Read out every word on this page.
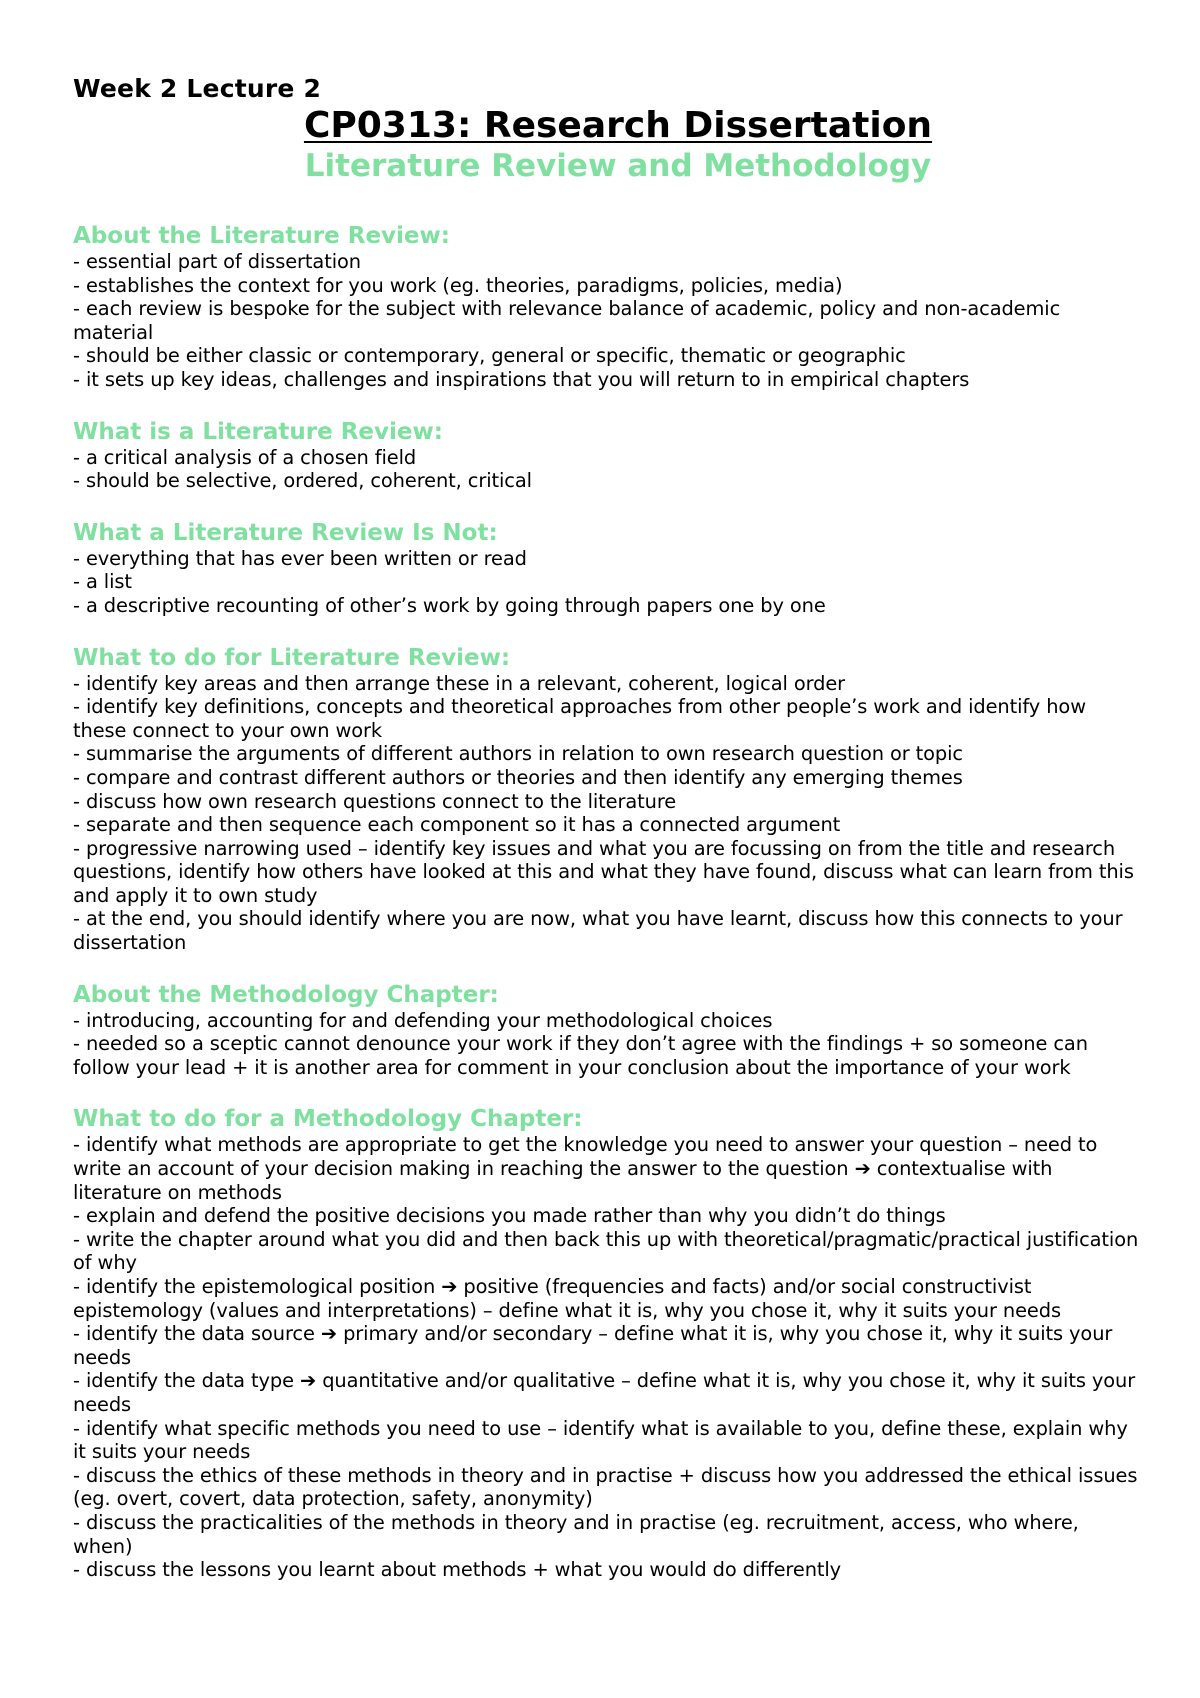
Week 2 Lecture 2

CP0313: Research Dissertation

Literature Review and Methodology

About the Literature Review:

- essential part of dissertation
- establishes the context for you work (eg. theories, paradigms, policies, media)
- each review is bespoke for the subject with relevance balance of academic, policy and non-academic material
- should be either classic or contemporary, general or specific, thematic or geographic
- it sets up key ideas, challenges and inspirations that you will return to in empirical chapters

What is a Literature Review:

- a critical analysis of a chosen field
- should be selective, ordered, coherent, critical

What a Literature Review Is Not:

- everything that has ever been written or read
- a list
- a descriptive recounting of other’s work by going through papers one by one

What to do for Literature Review:

- identify key areas and then arrange these in a relevant, coherent, logical order
- identify key definitions, concepts and theoretical approaches from other people’s work and identify how these connect to your own work
- summarise the arguments of different authors in relation to own research question or topic
- compare and contrast different authors or theories and then identify any emerging themes
- discuss how own research questions connect to the literature
- separate and then sequence each component so it has a connected argument
- progressive narrowing used – identify key issues and what you are focussing on from the title and research questions, identify how others have looked at this and what they have found, discuss what can learn from this and apply it to own study
- at the end, you should identify where you are now, what you have learnt, discuss how this connects to your dissertation

About the Methodology Chapter:

- introducing, accounting for and defending your methodological choices
- needed so a sceptic cannot denounce your work if they don’t agree with the findings + so someone can follow your lead + it is another area for comment in your conclusion about the importance of your work

What to do for a Methodology Chapter:

- identify what methods are appropriate to get the knowledge you need to answer your question – need to write an account of your decision making in reaching the answer to the question ➔ contextualise with literature on methods
- explain and defend the positive decisions you made rather than why you didn’t do things
- write the chapter around what you did and then back this up with theoretical/pragmatic/practical justification of why
- identify the epistemological position ➔ positive (frequencies and facts) and/or social constructivist epistemology (values and interpretations) – define what it is, why you chose it, why it suits your needs
- identify the data source ➔ primary and/or secondary – define what it is, why you chose it, why it suits your needs
- identify the data type ➔ quantitative and/or qualitative – define what it is, why you chose it, why it suits your needs
- identify what specific methods you need to use – identify what is available to you, define these, explain why it suits your needs
- discuss the ethics of these methods in theory and in practise + discuss how you addressed the ethical issues (eg. overt, covert, data protection, safety, anonymity)
- discuss the practicalities of the methods in theory and in practise (eg. recruitment, access, who where, when)
- discuss the lessons you learnt about methods + what you would do differently
